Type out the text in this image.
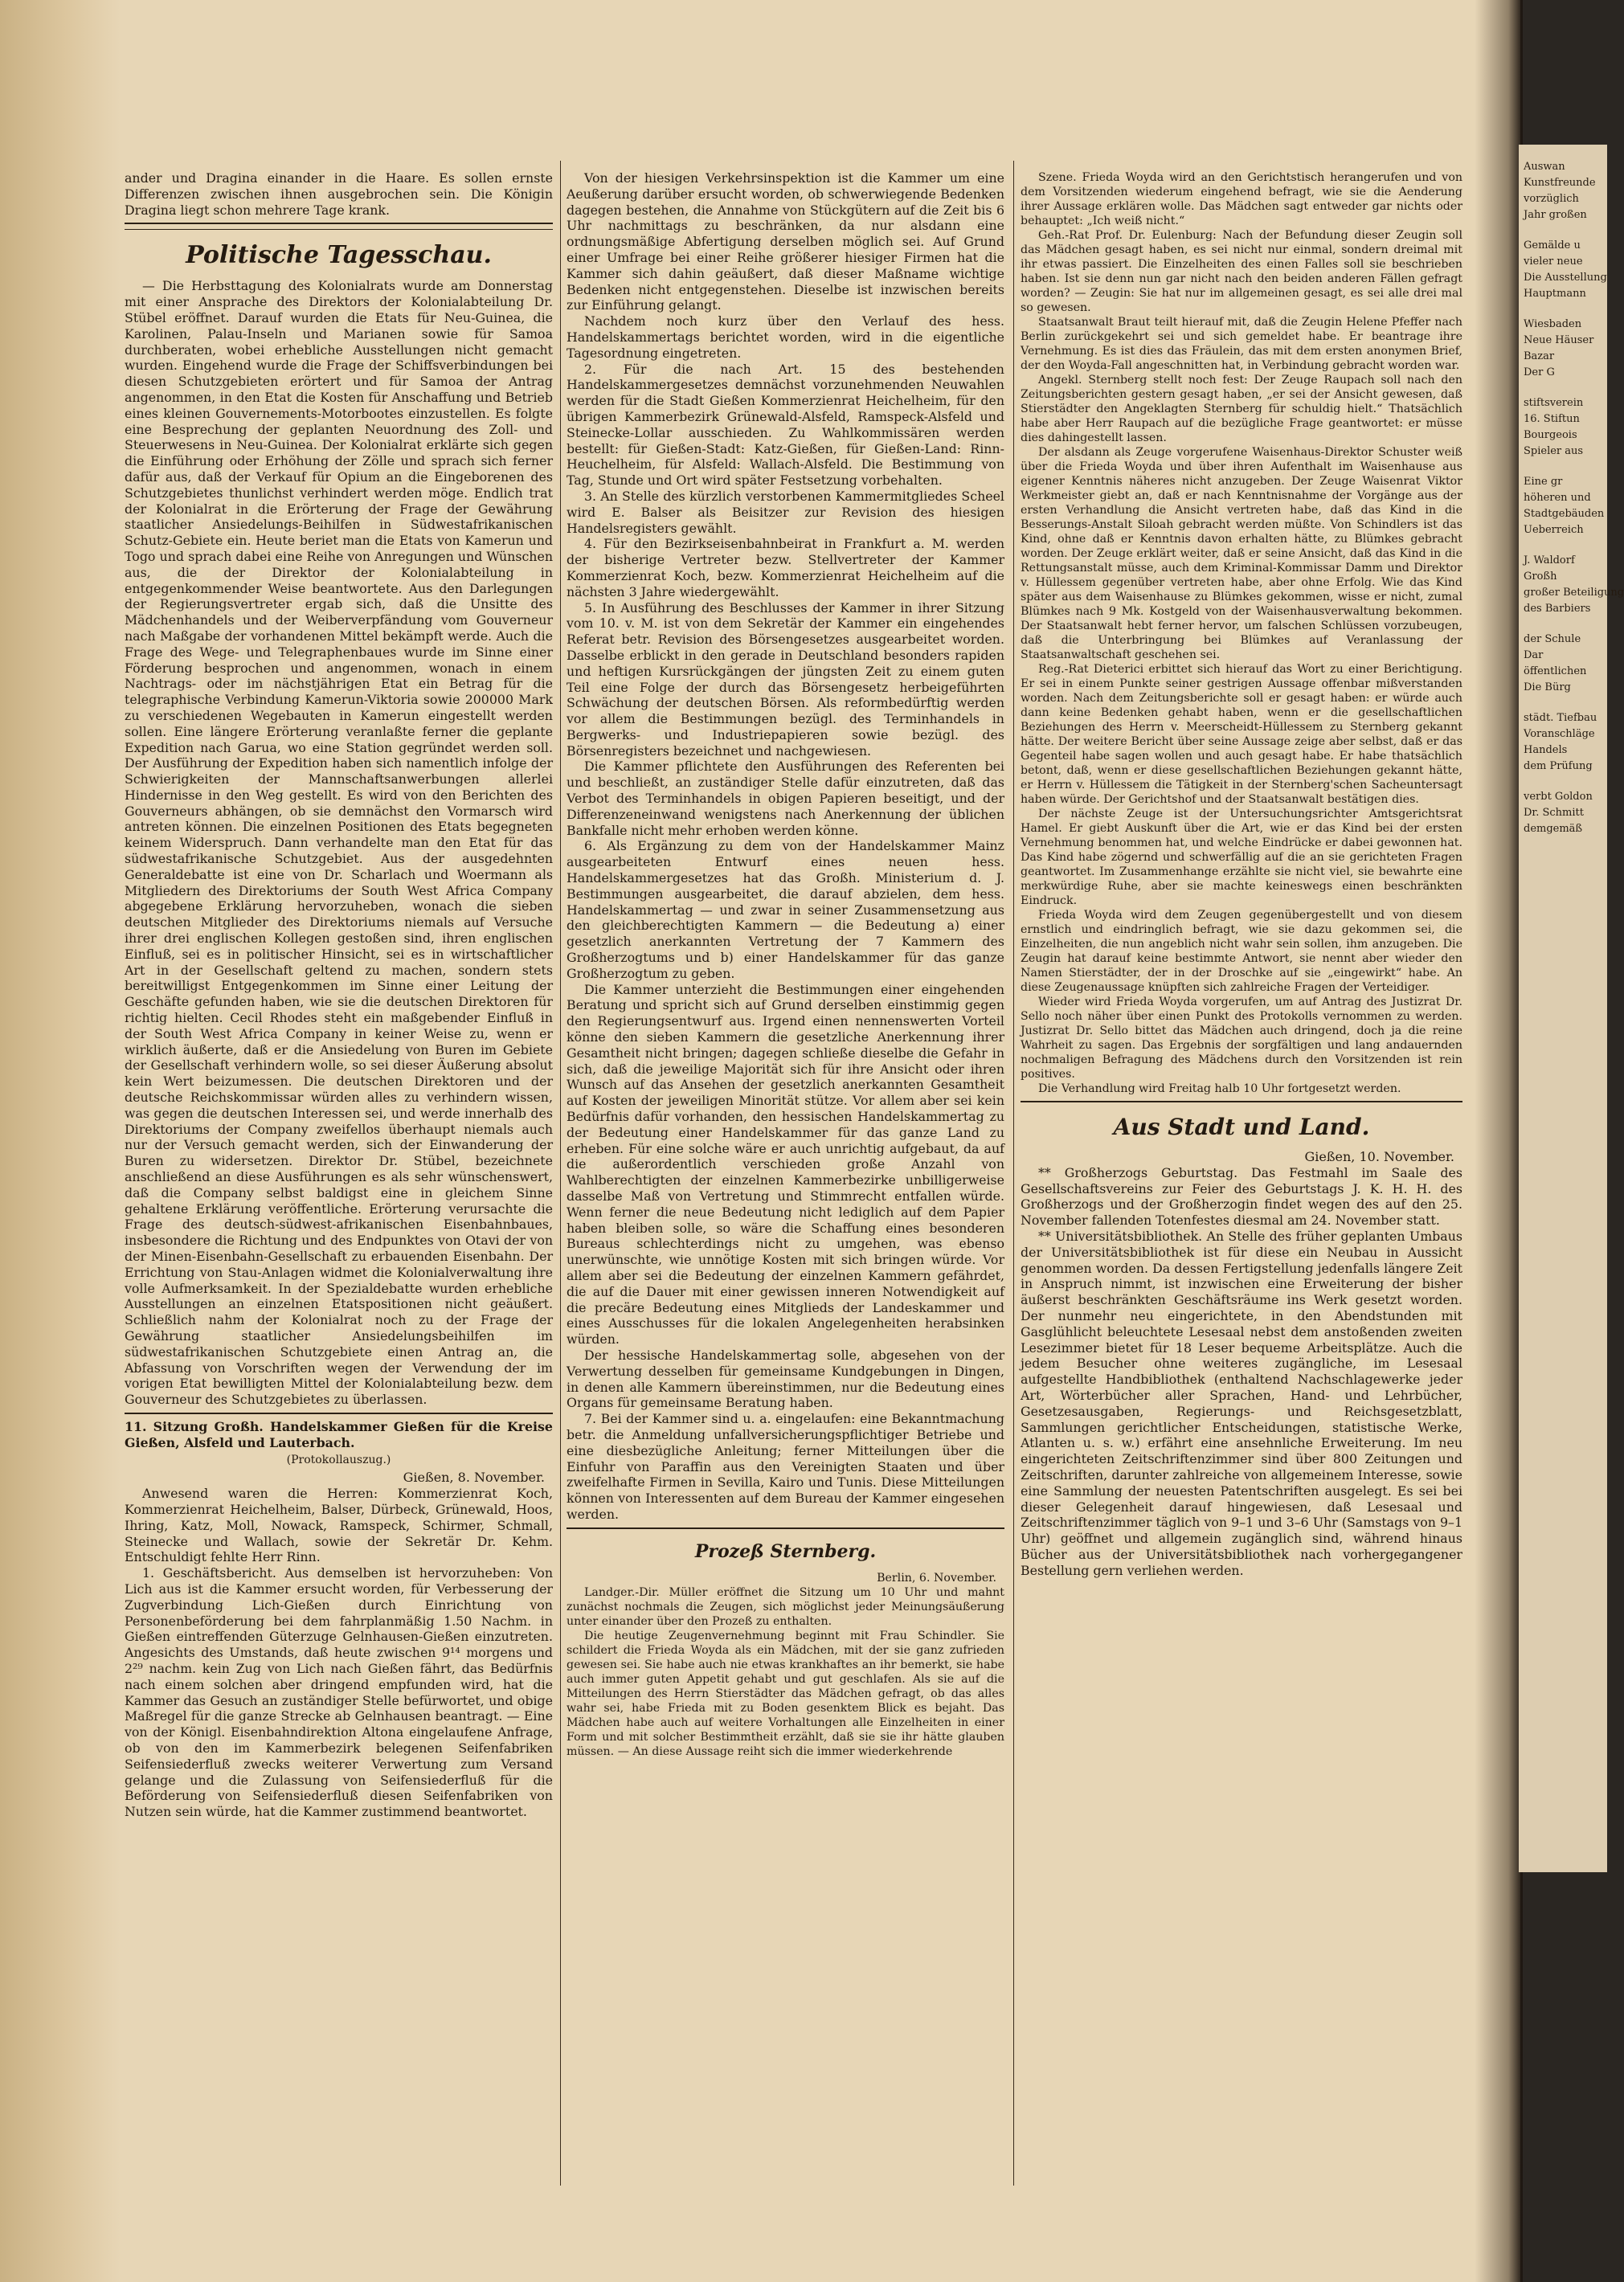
ander und Dragina einander in die Haare. Es sollen ernste Differenzen zwischen ihnen ausgebrochen sein. Die Königin Dragina liegt schon mehrere Tage krank.

Politische Tagesschau.

— Die Herbsttagung des Kolonialrats wurde am Donnerstag mit einer Ansprache des Direktors der Kolonialabteilung Dr. Stübel eröffnet. Darauf wurden die Etats für Neu-Guinea, die Karolinen, Palau-Inseln und Marianen sowie für Samoa durchberaten, wobei erhebliche Ausstellungen nicht gemacht wurden. Eingehend wurde die Frage der Schiffsverbindungen bei diesen Schutzgebieten erörtert und für Samoa der Antrag angenommen, in den Etat die Kosten für Anschaffung und Betrieb eines kleinen Gouvernements-Motorbootes einzustellen. Es folgte eine Besprechung der geplanten Neuordnung des Zoll- und Steuerwesens in Neu-Guinea. Der Kolonialrat erklärte sich gegen die Einführung oder Erhöhung der Zölle und sprach sich ferner dafür aus, daß der Verkauf für Opium an die Eingeborenen des Schutzgebietes thunlichst verhindert werden möge. Endlich trat der Kolonialrat in die Erörterung der Frage der Gewährung staatlicher Ansiedelungs-Beihilfen in Südwestafrikanischen Schutz-Gebiete ein. Heute beriet man die Etats von Kamerun und Togo und sprach dabei eine Reihe von Anregungen und Wünschen aus, die der Direktor der Kolonialabteilung in entgegenkommender Weise beantwortete. Aus den Darlegungen der Regierungsvertreter ergab sich, daß die Unsitte des Mädchenhandels und der Weiberverpfändung vom Gouverneur nach Maßgabe der vorhandenen Mittel bekämpft werde. Auch die Frage des Wege- und Telegraphenbaues wurde im Sinne einer Förderung besprochen und angenommen, wonach in einem Nachtrags- oder im nächstjährigen Etat ein Betrag für die telegraphische Verbindung Kamerun-Viktoria sowie 200000 Mark zu verschiedenen Wegebauten in Kamerun eingestellt werden sollen. Eine längere Erörterung veranlaßte ferner die geplante Expedition nach Garua, wo eine Station gegründet werden soll. Der Ausführung der Expedition haben sich namentlich infolge der Schwierigkeiten der Mannschaftsanwerbungen allerlei Hindernisse in den Weg gestellt. Es wird von den Berichten des Gouverneurs abhängen, ob sie demnächst den Vormarsch wird antreten können. Die einzelnen Positionen des Etats begegneten keinem Widerspruch. Dann verhandelte man den Etat für das südwestafrikanische Schutzgebiet. Aus der ausgedehnten Generaldebatte ist eine von Dr. Scharlach und Woermann als Mitgliedern des Direktoriums der South West Africa Company abgegebene Erklärung hervorzuheben, wonach die sieben deutschen Mitglieder des Direktoriums niemals auf Versuche ihrer drei englischen Kollegen gestoßen sind, ihren englischen Einfluß, sei es in politischer Hinsicht, sei es in wirtschaftlicher Art in der Gesellschaft geltend zu machen, sondern stets bereitwilligst Entgegenkommen im Sinne einer Leitung der Geschäfte gefunden haben, wie sie die deutschen Direktoren für richtig hielten. Cecil Rhodes steht ein maßgebender Einfluß in der South West Africa Company in keiner Weise zu, wenn er wirklich äußerte, daß er die Ansiedelung von Buren im Gebiete der Gesellschaft verhindern wolle, so sei dieser Äußerung absolut kein Wert beizumessen. Die deutschen Direktoren und der deutsche Reichskommissar würden alles zu verhindern wissen, was gegen die deutschen Interessen sei, und werde innerhalb des Direktoriums der Company zweifellos überhaupt niemals auch nur der Versuch gemacht werden, sich der Einwanderung der Buren zu widersetzen. Direktor Dr. Stübel, bezeichnete anschließend an diese Ausführungen es als sehr wünschenswert, daß die Company selbst baldigst eine in gleichem Sinne gehaltene Erklärung veröffentliche. Erörterung verursachte die Frage des deutsch-südwest-afrikanischen Eisenbahnbaues, insbesondere die Richtung und des Endpunktes von Otavi der von der Minen-Eisenbahn-Gesellschaft zu erbauenden Eisenbahn. Der Errichtung von Stau-Anlagen widmet die Kolonialverwaltung ihre volle Aufmerksamkeit. In der Spezialdebatte wurden erhebliche Ausstellungen an einzelnen Etatspositionen nicht geäußert. Schließlich nahm der Kolonialrat noch zu der Frage der Gewährung staatlicher Ansiedelungsbeihilfen im südwestafrikanischen Schutzgebiete einen Antrag an, die Abfassung von Vorschriften wegen der Verwendung der im vorigen Etat bewilligten Mittel der Kolonialabteilung bezw. dem Gouverneur des Schutzgebietes zu überlassen.

11. Sitzung Großh. Handelskammer Gießen für die Kreise Gießen, Alsfeld und Lauterbach.
(Protokollauszug.)
Gießen, 8. November.

Anwesend waren die Herren: Kommerzienrat Koch, Kommerzienrat Heichelheim, Balser, Dürbeck, Grünewald, Hoos, Ihring, Katz, Moll, Nowack, Ramspeck, Schirmer, Schmall, Steinecke und Wallach, sowie der Sekretär Dr. Kehm. Entschuldigt fehlte Herr Rinn.

1. Geschäftsbericht. Aus demselben ist hervorzuheben: Von Lich aus ist die Kammer ersucht worden, für Verbesserung der Zugverbindung Lich-Gießen durch Einrichtung von Personenbeförderung bei dem fahrplanmäßig 1.50 Nachm. in Gießen eintreffenden Güterzuge Gelnhausen-Gießen einzutreten. Angesichts des Umstands, daß heute zwischen 9¹⁴ morgens und 2²⁹ nachm. kein Zug von Lich nach Gießen fährt, das Bedürfnis nach einem solchen aber dringend empfunden wird, hat die Kammer das Gesuch an zuständiger Stelle befürwortet, und obige Maßregel für die ganze Strecke ab Gelnhausen beantragt. — Eine von der Königl. Eisenbahndirektion Altona eingelaufene Anfrage, ob von den im Kammerbezirk belegenen Seifenfabriken Seifensiederfluß zwecks weiterer Verwertung zum Versand gelange und die Zulassung von Seifensiederfluß für die Beförderung von Seifensiederfluß diesen Seifenfabriken von Nutzen sein würde, hat die Kammer zustimmend beantwortet.

Von der hiesigen Verkehrsinspektion ist die Kammer um eine Aeußerung darüber ersucht worden, ob schwerwiegende Bedenken dagegen bestehen, die Annahme von Stückgütern auf die Zeit bis 6 Uhr nachmittags zu beschränken, da nur alsdann eine ordnungsmäßige Abfertigung derselben möglich sei. Auf Grund einer Umfrage bei einer Reihe größerer hiesiger Firmen hat die Kammer sich dahin geäußert, daß dieser Maßname wichtige Bedenken nicht entgegenstehen. Dieselbe ist inzwischen bereits zur Einführung gelangt.

Nachdem noch kurz über den Verlauf des hess. Handelskammertags berichtet worden, wird in die eigentliche Tagesordnung eingetreten.

2. Für die nach Art. 15 des bestehenden Handelskammergesetzes demnächst vorzunehmenden Neuwahlen werden für die Stadt Gießen Kommerzienrat Heichelheim, für den übrigen Kammerbezirk Grünewald-Alsfeld, Ramspeck-Alsfeld und Steinecke-Lollar ausschieden. Zu Wahlkommissären werden bestellt: für Gießen-Stadt: Katz-Gießen, für Gießen-Land: Rinn-Heuchelheim, für Alsfeld: Wallach-Alsfeld. Die Bestimmung von Tag, Stunde und Ort wird später Festsetzung vorbehalten.

3. An Stelle des kürzlich verstorbenen Kammermitgliedes Scheel wird E. Balser als Beisitzer zur Revision des hiesigen Handelsregisters gewählt.

4. Für den Bezirkseisenbahnbeirat in Frankfurt a. M. werden der bisherige Vertreter bezw. Stellvertreter der Kammer Kommerzienrat Koch, bezw. Kommerzienrat Heichelheim auf die nächsten 3 Jahre wiedergewählt.

5. In Ausführung des Beschlusses der Kammer in ihrer Sitzung vom 10. v. M. ist von dem Sekretär der Kammer ein eingehendes Referat betr. Revision des Börsengesetzes ausgearbeitet worden. Dasselbe erblickt in den gerade in Deutschland besonders rapiden und heftigen Kursrückgängen der jüngsten Zeit zu einem guten Teil eine Folge der durch das Börsengesetz herbeigeführten Schwächung der deutschen Börsen. Als reformbedürftig werden vor allem die Bestimmungen bezügl. des Terminhandels in Bergwerks- und Industriepapieren sowie bezügl. des Börsenregisters bezeichnet und nachgewiesen.

Die Kammer pflichtete den Ausführungen des Referenten bei und beschließt, an zuständiger Stelle dafür einzutreten, daß das Verbot des Terminhandels in obigen Papieren beseitigt, und der Differenzeneinwand wenigstens nach Anerkennung der üblichen Bankfalle nicht mehr erhoben werden könne.

6. Als Ergänzung zu dem von der Handelskammer Mainz ausgearbeiteten Entwurf eines neuen hess. Handelskammergesetzes hat das Großh. Ministerium d. J. Bestimmungen ausgearbeitet, die darauf abzielen, dem hess. Handelskammertag — und zwar in seiner Zusammensetzung aus den gleichberechtigten Kammern — die Bedeutung a) einer gesetzlich anerkannten Vertretung der 7 Kammern des Großherzogtums und b) einer Handelskammer für das ganze Großherzogtum zu geben.

Die Kammer unterzieht die Bestimmungen einer eingehenden Beratung und spricht sich auf Grund derselben einstimmig gegen den Regierungsentwurf aus. Irgend einen nennenswerten Vorteil könne den sieben Kammern die gesetzliche Anerkennung ihrer Gesamtheit nicht bringen; dagegen schließe dieselbe die Gefahr in sich, daß die jeweilige Majorität sich für ihre Ansicht oder ihren Wunsch auf das Ansehen der gesetzlich anerkannten Gesamtheit auf Kosten der jeweiligen Minorität stütze. Vor allem aber sei kein Bedürfnis dafür vorhanden, den hessischen Handelskammertag zu der Bedeutung einer Handelskammer für das ganze Land zu erheben. Für eine solche wäre er auch unrichtig aufgebaut, da auf die außerordentlich verschieden große Anzahl von Wahlberechtigten der einzelnen Kammerbezirke unbilligerweise dasselbe Maß von Vertretung und Stimmrecht entfallen würde. Wenn ferner die neue Bedeutung nicht lediglich auf dem Papier haben bleiben solle, so wäre die Schaffung eines besonderen Bureaus schlechterdings nicht zu umgehen, was ebenso unerwünschte, wie unnötige Kosten mit sich bringen würde. Vor allem aber sei die Bedeutung der einzelnen Kammern gefährdet, die auf die Dauer mit einer gewissen inneren Notwendigkeit auf die precäre Bedeutung eines Mitglieds der Landeskammer und eines Ausschusses für die lokalen Angelegenheiten herabsinken würden.

Der hessische Handelskammertag solle, abgesehen von der Verwertung desselben für gemeinsame Kundgebungen in Dingen, in denen alle Kammern übereinstimmen, nur die Bedeutung eines Organs für gemeinsame Beratung haben.

7. Bei der Kammer sind u. a. eingelaufen: eine Bekanntmachung betr. die Anmeldung unfallversicherungspflichtiger Betriebe und eine diesbezügliche Anleitung; ferner Mitteilungen über die Einfuhr von Paraffin aus den Vereinigten Staaten und über zweifelhafte Firmen in Sevilla, Kairo und Tunis. Diese Mitteilungen können von Interessenten auf dem Bureau der Kammer eingesehen werden.

Prozeß Sternberg.
Berlin, 6. November.

Landger.-Dir. Müller eröffnet die Sitzung um 10 Uhr und mahnt zunächst nochmals die Zeugen, sich möglichst jeder Meinungsäußerung unter einander über den Prozeß zu enthalten.

Die heutige Zeugenvernehmung beginnt mit Frau Schindler. Sie schildert die Frieda Woyda als ein Mädchen, mit der sie ganz zufrieden gewesen sei. Sie habe auch nie etwas krankhaftes an ihr bemerkt, sie habe auch immer guten Appetit gehabt und gut geschlafen. Als sie auf die Mitteilungen des Herrn Stierstädter das Mädchen gefragt, ob das alles wahr sei, habe Frieda mit zu Boden gesenktem Blick es bejaht. Das Mädchen habe auch auf weitere Vorhaltungen alle Einzelheiten in einer Form und mit solcher Bestimmtheit erzählt, daß sie sie ihr hätte glauben müssen. — An diese Aussage reiht sich die immer wiederkehrende

Szene. Frieda Woyda wird an den Gerichtstisch herangerufen und von dem Vorsitzenden wiederum eingehend befragt, wie sie die Aenderung ihrer Aussage erklären wolle. Das Mädchen sagt entweder gar nichts oder behauptet: „Ich weiß nicht.“

Geh.-Rat Prof. Dr. Eulenburg: Nach der Befundung dieser Zeugin soll das Mädchen gesagt haben, es sei nicht nur einmal, sondern dreimal mit ihr etwas passiert. Die Einzelheiten des einen Falles soll sie beschrieben haben. Ist sie denn nun gar nicht nach den beiden anderen Fällen gefragt worden? — Zeugin: Sie hat nur im allgemeinen gesagt, es sei alle drei mal so gewesen.

Staatsanwalt Braut teilt hierauf mit, daß die Zeugin Helene Pfeffer nach Berlin zurückgekehrt sei und sich gemeldet habe. Er beantrage ihre Vernehmung. Es ist dies das Fräulein, das mit dem ersten anonymen Brief, der den Woyda-Fall angeschnitten hat, in Verbindung gebracht worden war.

Angekl. Sternberg stellt noch fest: Der Zeuge Raupach soll nach den Zeitungsberichten gestern gesagt haben, „er sei der Ansicht gewesen, daß Stierstädter den Angeklagten Sternberg für schuldig hielt.“ Thatsächlich habe aber Herr Raupach auf die bezügliche Frage geantwortet: er müsse dies dahingestellt lassen.

Der alsdann als Zeuge vorgerufene Waisenhaus-Direktor Schuster weiß über die Frieda Woyda und über ihren Aufenthalt im Waisenhause aus eigener Kenntnis näheres nicht anzugeben. Der Zeuge Waisenrat Viktor Werkmeister giebt an, daß er nach Kenntnisnahme der Vorgänge aus der ersten Verhandlung die Ansicht vertreten habe, daß das Kind in die Besserungs-Anstalt Siloah gebracht werden müßte. Von Schindlers ist das Kind, ohne daß er Kenntnis davon erhalten hätte, zu Blümkes gebracht worden. Der Zeuge erklärt weiter, daß er seine Ansicht, daß das Kind in die Rettungsanstalt müsse, auch dem Kriminal-Kommissar Damm und Direktor v. Hüllessem gegenüber vertreten habe, aber ohne Erfolg. Wie das Kind später aus dem Waisenhause zu Blümkes gekommen, wisse er nicht, zumal Blümkes nach 9 Mk. Kostgeld von der Waisenhausverwaltung bekommen. Der Staatsanwalt hebt ferner hervor, um falschen Schlüssen vorzubeugen, daß die Unterbringung bei Blümkes auf Veranlassung der Staatsanwaltschaft geschehen sei.

Reg.-Rat Dieterici erbittet sich hierauf das Wort zu einer Berichtigung. Er sei in einem Punkte seiner gestrigen Aussage offenbar mißverstanden worden. Nach dem Zeitungsberichte soll er gesagt haben: er würde auch dann keine Bedenken gehabt haben, wenn er die gesellschaftlichen Beziehungen des Herrn v. Meerscheidt-Hüllessem zu Sternberg gekannt hätte. Der weitere Bericht über seine Aussage zeige aber selbst, daß er das Gegenteil habe sagen wollen und auch gesagt habe. Er habe thatsächlich betont, daß, wenn er diese gesellschaftlichen Beziehungen gekannt hätte, er Herrn v. Hüllessem die Tätigkeit in der Sternberg'schen Sacheuntersagt haben würde. Der Gerichtshof und der Staatsanwalt bestätigen dies.

Der nächste Zeuge ist der Untersuchungsrichter Amtsgerichtsrat Hamel. Er giebt Auskunft über die Art, wie er das Kind bei der ersten Vernehmung benommen hat, und welche Eindrücke er dabei gewonnen hat. Das Kind habe zögernd und schwerfällig auf die an sie gerichteten Fragen geantwortet. Im Zusammenhange erzählte sie nicht viel, sie bewahrte eine merkwürdige Ruhe, aber sie machte keineswegs einen beschränkten Eindruck.

Frieda Woyda wird dem Zeugen gegenübergestellt und von diesem ernstlich und eindringlich befragt, wie sie dazu gekommen sei, die Einzelheiten, die nun angeblich nicht wahr sein sollen, ihm anzugeben. Die Zeugin hat darauf keine bestimmte Antwort, sie nennt aber wieder den Namen Stierstädter, der in der Droschke auf sie „eingewirkt“ habe. An diese Zeugenaussage knüpften sich zahlreiche Fragen der Verteidiger.

Wieder wird Frieda Woyda vorgerufen, um auf Antrag des Justizrat Dr. Sello noch näher über einen Punkt des Protokolls vernommen zu werden. Justizrat Dr. Sello bittet das Mädchen auch dringend, doch ja die reine Wahrheit zu sagen. Das Ergebnis der sorgfältigen und lang andauernden nochmaligen Befragung des Mädchens durch den Vorsitzenden ist rein positives.

Die Verhandlung wird Freitag halb 10 Uhr fortgesetzt werden.

Aus Stadt und Land.
Gießen, 10. November.

** Großherzogs Geburtstag. Das Festmahl im Saale des Gesellschaftsvereins zur Feier des Geburtstags J. K. H. H. des Großherzogs und der Großherzogin findet wegen des auf den 25. November fallenden Totenfestes diesmal am 24. November statt.

** Universitätsbibliothek. An Stelle des früher geplanten Umbaus der Universitätsbibliothek ist für diese ein Neubau in Aussicht genommen worden. Da dessen Fertigstellung jedenfalls längere Zeit in Anspruch nimmt, ist inzwischen eine Erweiterung der bisher äußerst beschränkten Geschäftsräume ins Werk gesetzt worden. Der nunmehr neu eingerichtete, in den Abendstunden mit Gasglühlicht beleuchtete Lesesaal nebst dem anstoßenden zweiten Lesezimmer bietet für 18 Leser bequeme Arbeitsplätze. Auch die jedem Besucher ohne weiteres zugängliche, im Lesesaal aufgestellte Handbibliothek (enthaltend Nachschlagewerke jeder Art, Wörterbücher aller Sprachen, Hand- und Lehrbücher, Gesetzesausgaben, Regierungs- und Reichsgesetzblatt, Sammlungen gerichtlicher Entscheidungen, statistische Werke, Atlanten u. s. w.) erfährt eine ansehnliche Erweiterung. Im neu eingerichteten Zeitschriftenzimmer sind über 800 Zeitungen und Zeitschriften, darunter zahlreiche von allgemeinem Interesse, sowie eine Sammlung der neuesten Patentschriften ausgelegt. Es sei bei dieser Gelegenheit darauf hingewiesen, daß Lesesaal und Zeitschriftenzimmer täglich von 9–1 und 3–6 Uhr (Samstags von 9–1 Uhr) geöffnet und allgemein zugänglich sind, während hinaus Bücher aus der Universitätsbibliothek nach vorhergegangener Bestellung gern verliehen werden.

Auswan
Kunstfreunde
vorzüglich
Jahr großen
Gemälde u
vieler neue
Die Ausstellung
Hauptmann
Wiesbaden
Neue Häuser
Bazar
Der G
stiftsverein
16. Stiftun
Bourgeois
Spieler aus
Eine gr
höheren und
Stadtgebäuden
Ueberreich
J. Waldorf
Großh
großer Beteiligung
des Barbiers
der Schule
Dar
öffentlichen
Die Bürg
städt. Tiefbau
Voranschläge
Handels
dem Prüfung
verbt Goldon
Dr. Schmitt
demgemäß
